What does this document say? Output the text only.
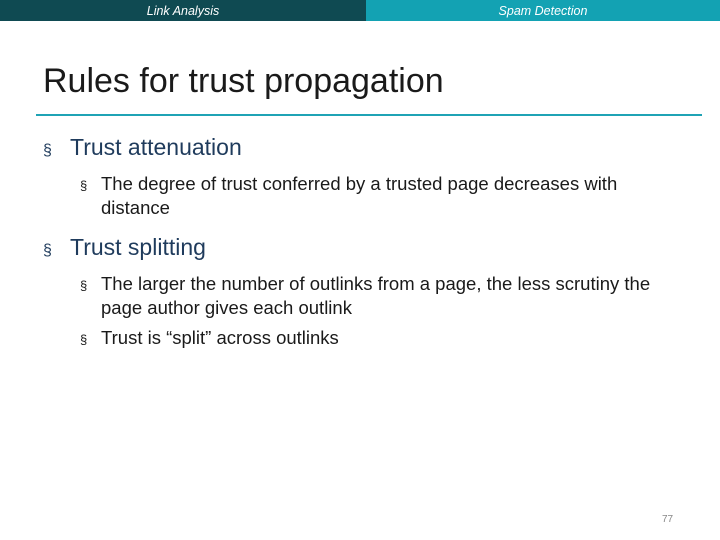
Link Analysis	Spam Detection
Rules for trust propagation
§ Trust attenuation
§ The degree of trust conferred by a trusted page decreases with distance
§ Trust splitting
§ The larger the number of outlinks from a page, the less scrutiny the page author gives each outlink
§ Trust is “split” across outlinks
77
